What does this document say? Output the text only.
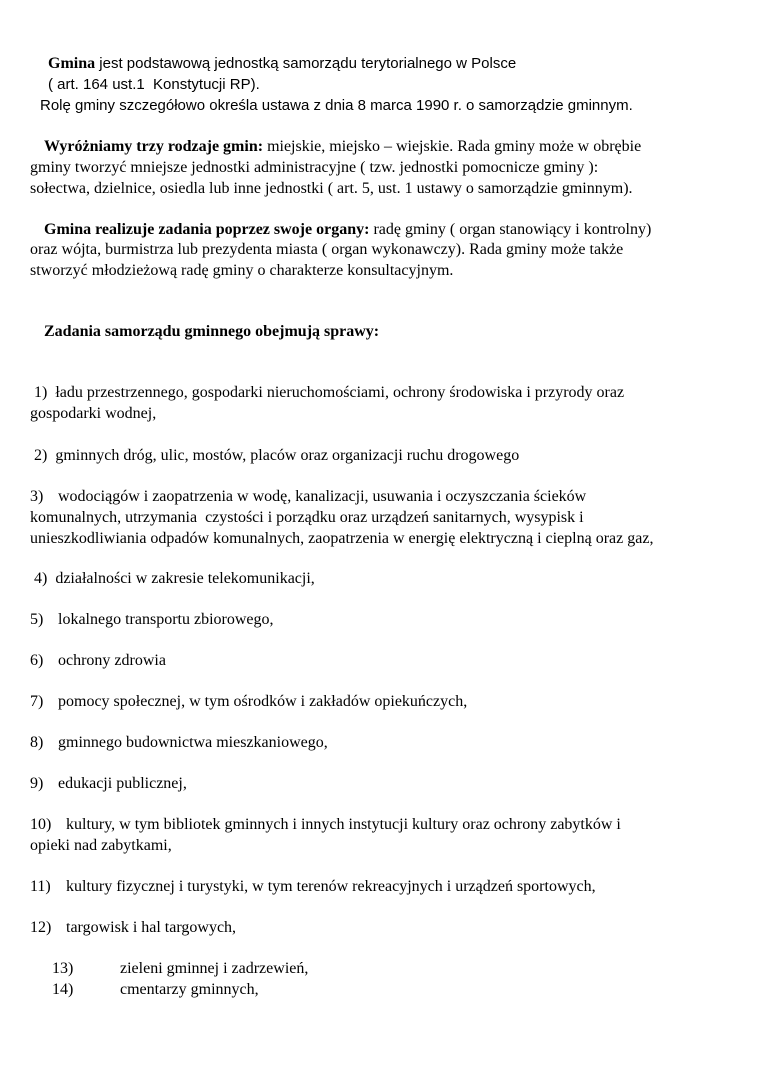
Gmina jest podstawową jednostką samorządu terytorialnego w Polsce
( art. 164 ust.1  Konstytucji RP).
Rolę gminy szczegółowo określa ustawa z dnia 8 marca 1990 r. o samorządzie gminnym.
Wyróżniamy trzy rodzaje gmin: miejskie, miejsko – wiejskie. Rada gminy może w obrębie
gminy tworzyć mniejsze jednostki administracyjne ( tzw. jednostki pomocnicze gminy ):
sołectwa, dzielnice, osiedla lub inne jednostki ( art. 5, ust. 1 ustawy o samorządzie gminnym).
Gmina realizuje zadania poprzez swoje organy: radę gminy ( organ stanowiący i kontrolny)
oraz wójta, burmistrza lub prezydenta miasta ( organ wykonawczy). Rada gminy może także
stworzyć młodzieżową radę gminy o charakterze konsultacyjnym.
Zadania samorządu gminnego obejmują sprawy:
1) ładu przestrzennego, gospodarki nieruchomościami, ochrony środowiska i przyrody oraz
gospodarki wodnej,
2) gminnych dróg, ulic, mostów, placów oraz organizacji ruchu drogowego
3) wodociągów i zaopatrzenia w wodę, kanalizacji, usuwania i oczyszczania ścieków
komunalnych, utrzymania  czystości i porządku oraz urządzeń sanitarnych, wysypisk i
unieszkodliwiania odpadów komunalnych, zaopatrzenia w energię elektryczną i cieplną oraz gaz,
4) działalności w zakresie telekomunikacji,
5) lokalnego transportu zbiorowego,
6) ochrony zdrowia
7) pomocy społecznej, w tym ośrodków i zakładów opiekuńczych,
8) gminnego budownictwa mieszkaniowego,
9) edukacji publicznej,
10) kultury, w tym bibliotek gminnych i innych instytucji kultury oraz ochrony zabytków i
opieki nad zabytkami,
11) kultury fizycznej i turystyki, w tym terenów rekreacyjnych i urządzeń sportowych,
12) targowisk i hal targowych,
13)	zieleni gminnej i zadrzewień,
14)	cmentarzy gminnych,
